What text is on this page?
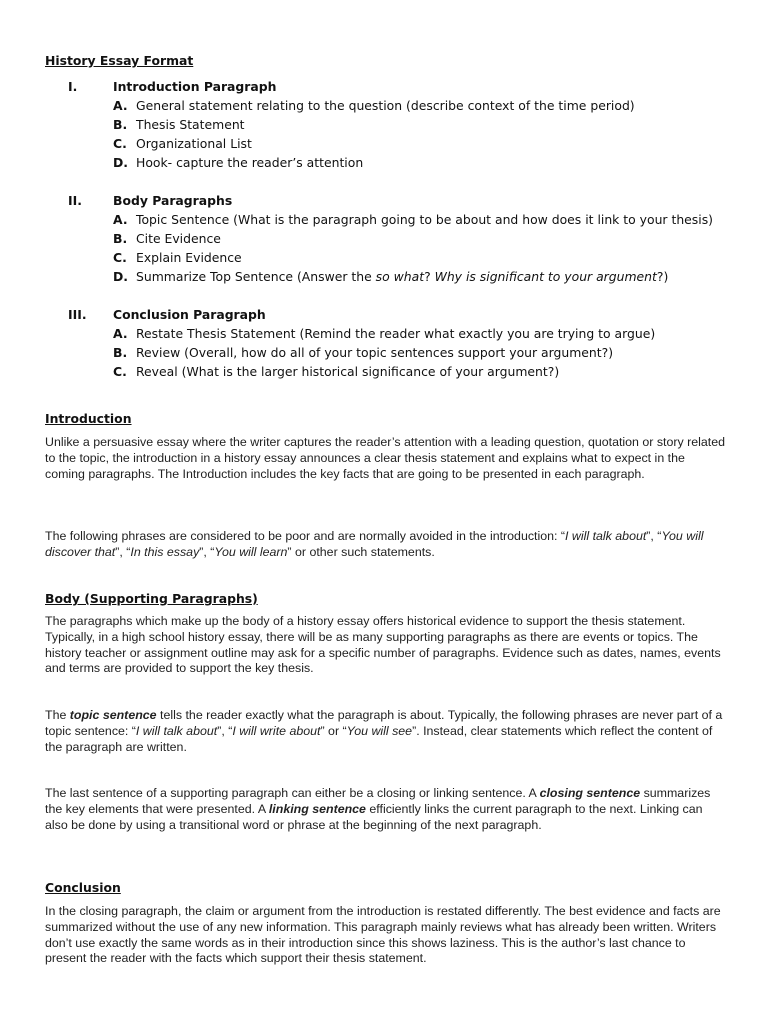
History Essay Format
I.	Introduction Paragraph
A. General statement relating to the question (describe context of the time period)
B. Thesis Statement
C. Organizational List
D. Hook- capture the reader’s attention
II.	Body Paragraphs
A. Topic Sentence (What is the paragraph going to be about and how does it link to your thesis)
B. Cite Evidence
C. Explain Evidence
D. Summarize Top Sentence (Answer the so what? Why is significant to your argument?)
III. Conclusion Paragraph
A. Restate Thesis Statement (Remind the reader what exactly you are trying to argue)
B. Review (Overall, how do all of your topic sentences support your argument?)
C. Reveal (What is the larger historical significance of your argument?)
Introduction

Unlike a persuasive essay where the writer captures the reader’s attention with a leading question, quotation or story related to the topic, the introduction in a history essay announces a clear thesis statement and explains what to expect in the coming paragraphs. The Introduction includes the key facts that are going to be presented in each paragraph.

The following phrases are considered to be poor and are normally avoided in the introduction: “I will talk about”, “You will discover that”, “In this essay”, “You will learn” or other such statements.

Body (Supporting Paragraphs)

The paragraphs which make up the body of a history essay offers historical evidence to support the thesis statement. Typically, in a high school history essay, there will be as many supporting paragraphs as there are events or topics. The history teacher or assignment outline may ask for a specific number of paragraphs. Evidence such as dates, names, events and terms are provided to support the key thesis.

The topic sentence tells the reader exactly what the paragraph is about. Typically, the following phrases are never part of a topic sentence: “I will talk about”, “I will write about” or “You will see”. Instead, clear statements which reflect the content of the paragraph are written.

The last sentence of a supporting paragraph can either be a closing or linking sentence. A closing sentence summarizes the key elements that were presented. A linking sentence efficiently links the current paragraph to the next. Linking can also be done by using a transitional word or phrase at the beginning of the next paragraph.

Conclusion

In the closing paragraph, the claim or argument from the introduction is restated differently. The best evidence and facts are summarized without the use of any new information. This paragraph mainly reviews what has already been written. Writers don’t use exactly the same words as in their introduction since this shows laziness. This is the author’s last chance to present the reader with the facts which support their thesis statement.
